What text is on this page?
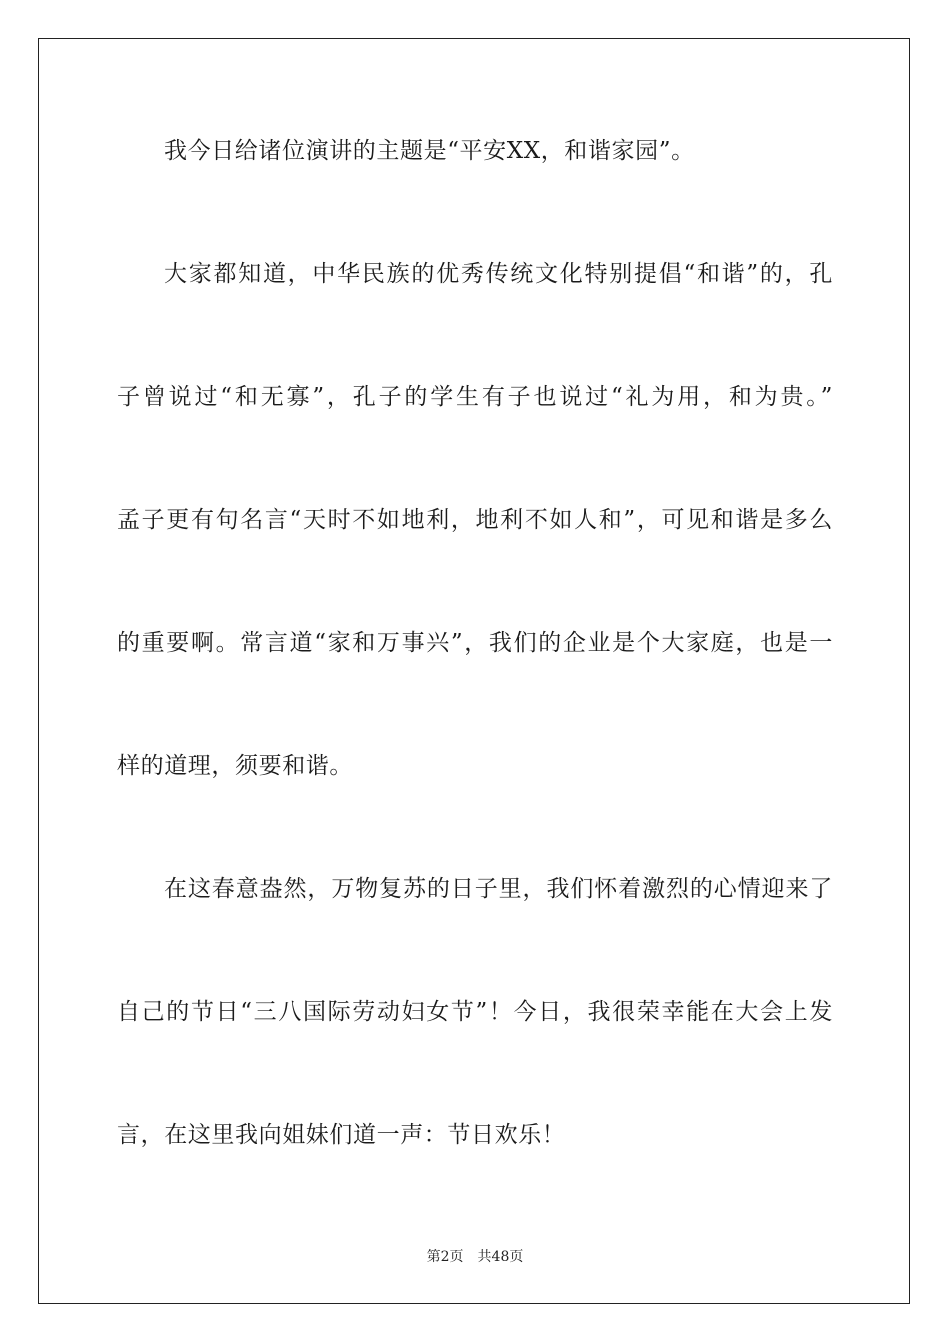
我今日给诸位演讲的主题是“平安XX，和谐家园”。
大家都知道，中华民族的优秀传统文化特别提倡“和谐”的，孔
子曾说过“和无寡”，孔子的学生有子也说过“礼为用，和为贵。”
孟子更有句名言“天时不如地利，地利不如人和”，可见和谐是多么
的重要啊。常言道“家和万事兴”，我们的企业是个大家庭，也是一
样的道理，须要和谐。
在这春意盎然，万物复苏的日子里，我们怀着激烈的心情迎来了
自己的节日“三八国际劳动妇女节”！今日，我很荣幸能在大会上发
言，在这里我向姐妹们道一声：节日欢乐！
第2页 共48页
